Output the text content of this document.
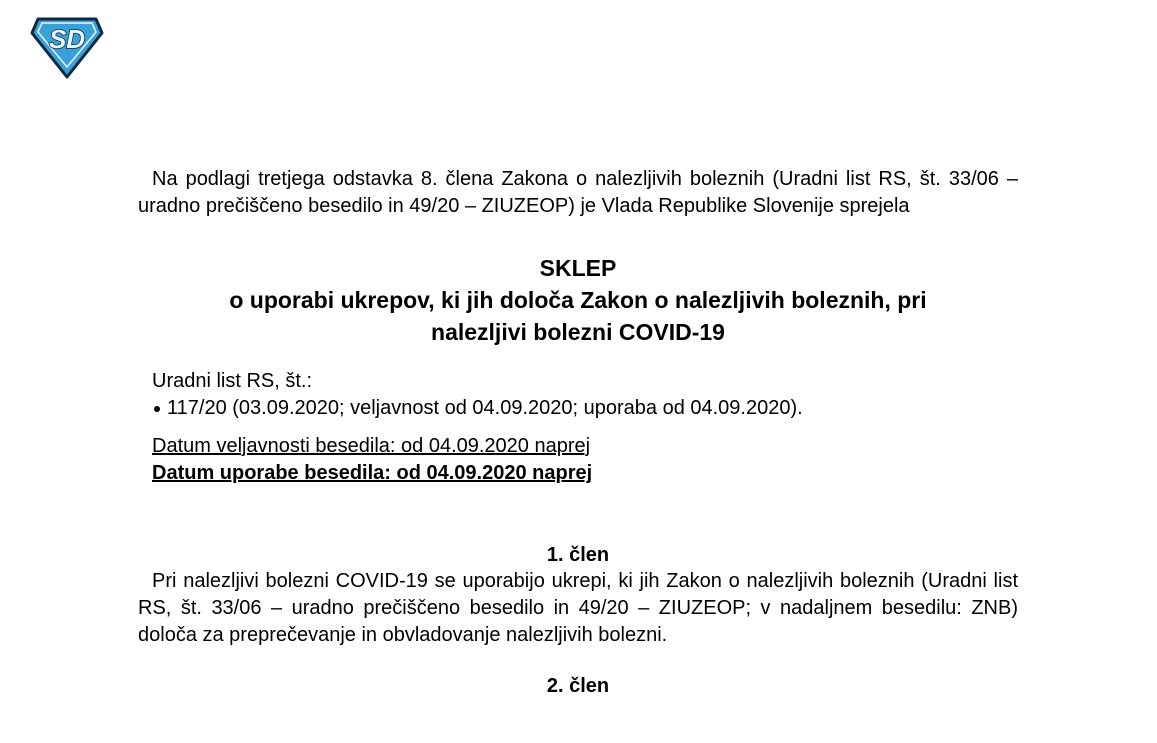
SD

Na podlagi tretjega odstavka 8. člena Zakona o nalezljivih boleznih (Uradni list RS, št. 33/06 – uradno prečiščeno besedilo in 49/20 – ZIUZEOP) je Vlada Republike Slovenije sprejela

SKLEP
o uporabi ukrepov, ki jih določa Zakon o nalezljivih boleznih, pri
nalezljivi bolezni COVID-19
Uradni list RS, št.:
117/20 (03.09.2020; veljavnost od 04.09.2020; uporaba od 04.09.2020).
Datum veljavnosti besedila: od 04.09.2020 naprej
Datum uporabe besedila: od 04.09.2020 naprej
1. člen

Pri nalezljivi bolezni COVID-19 se uporabijo ukrepi, ki jih Zakon o nalezljivih boleznih (Uradni list RS, št. 33/06 – uradno prečiščeno besedilo in 49/20 – ZIUZEOP; v nadaljnem besedilu: ZNB) določa za preprečevanje in obvladovanje nalezljivih bolezni.

2. člen
